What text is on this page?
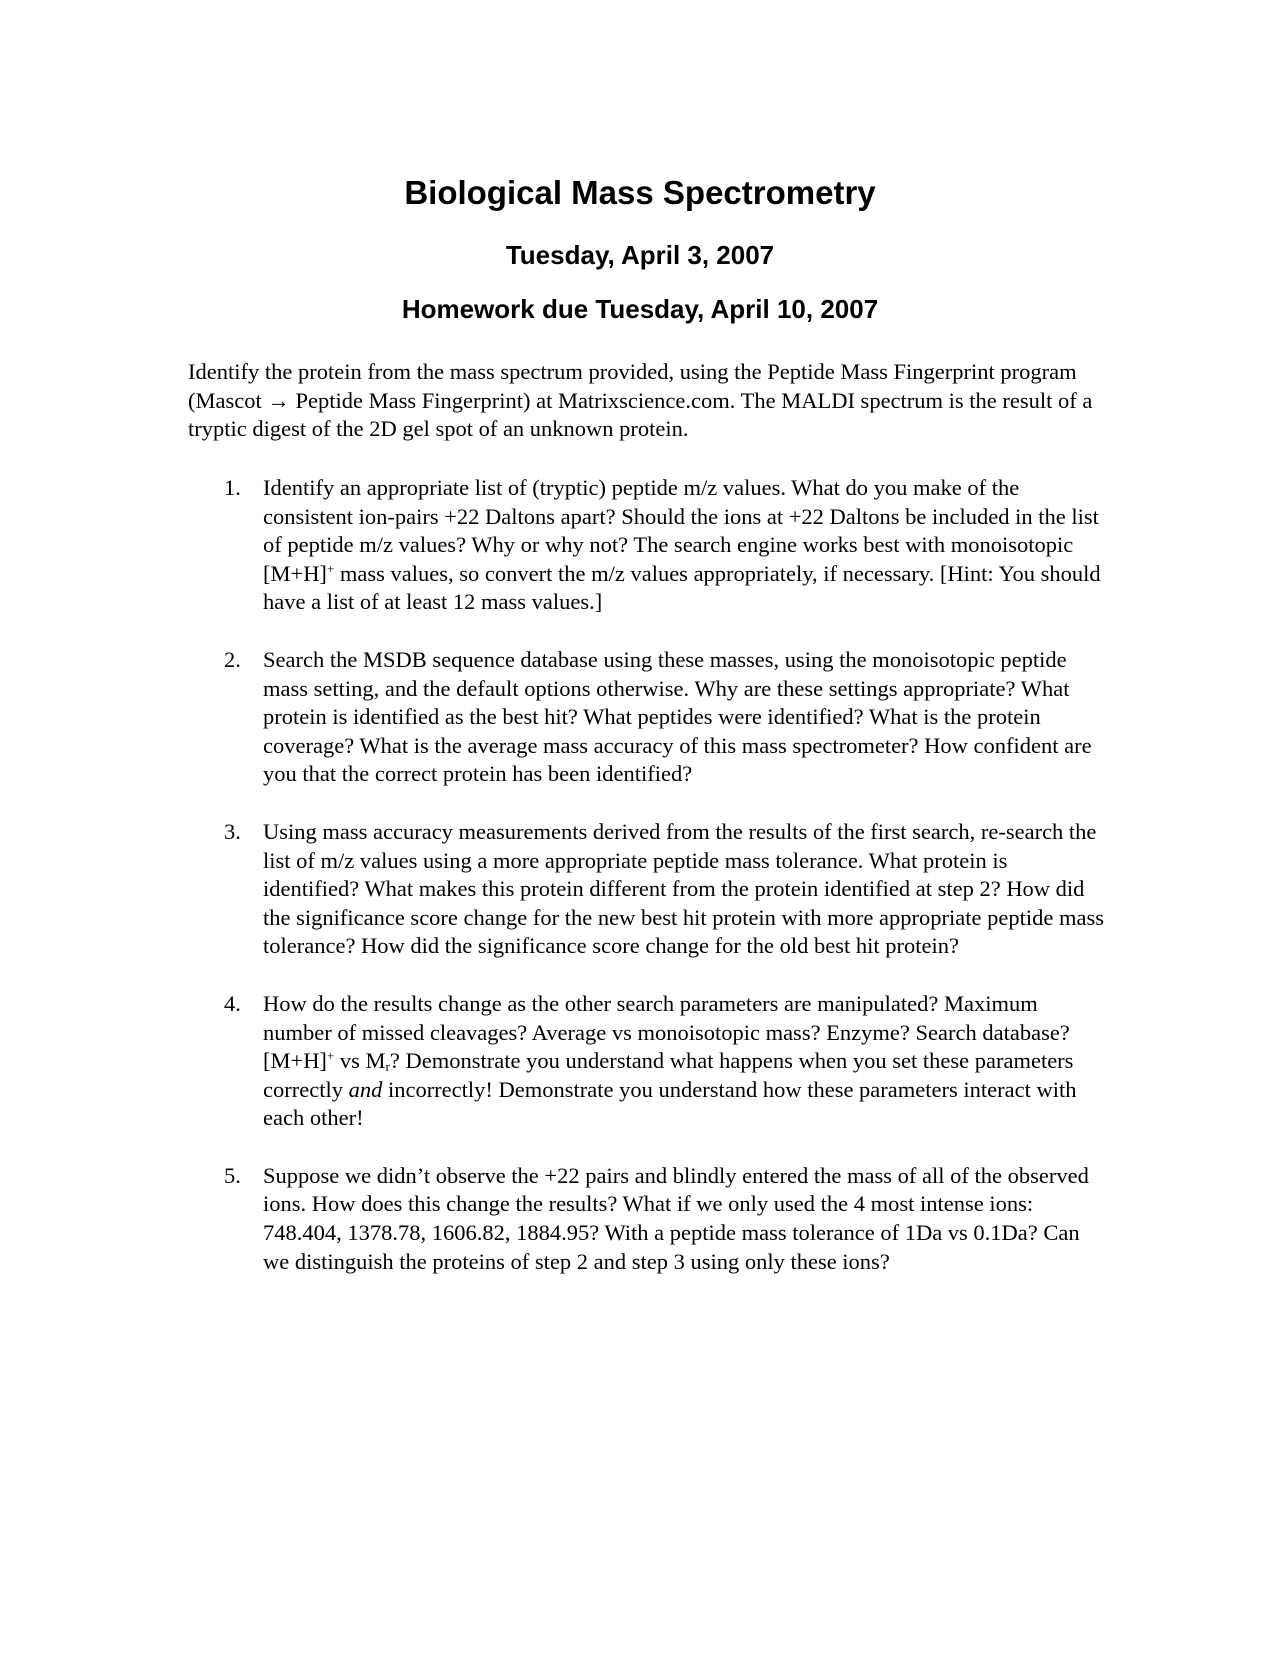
Biological Mass Spectrometry
Tuesday, April 3, 2007
Homework due Tuesday, April 10, 2007

Identify the protein from the mass spectrum provided, using the Peptide Mass Fingerprint program (Mascot → Peptide Mass Fingerprint) at Matrixscience.com. The MALDI spectrum is the result of a tryptic digest of the 2D gel spot of an unknown protein.

1. Identify an appropriate list of (tryptic) peptide m/z values. What do you make of the consistent ion-pairs +22 Daltons apart? Should the ions at +22 Daltons be included in the list of peptide m/z values? Why or why not? The search engine works best with monoisotopic [M+H]+ mass values, so convert the m/z values appropriately, if necessary. [Hint: You should have a list of at least 12 mass values.]
2. Search the MSDB sequence database using these masses, using the monoisotopic peptide mass setting, and the default options otherwise. Why are these settings appropriate? What protein is identified as the best hit? What peptides were identified? What is the protein coverage? What is the average mass accuracy of this mass spectrometer? How confident are you that the correct protein has been identified?
3. Using mass accuracy measurements derived from the results of the first search, re-search the list of m/z values using a more appropriate peptide mass tolerance. What protein is identified? What makes this protein different from the protein identified at step 2? How did the significance score change for the new best hit protein with more appropriate peptide mass tolerance? How did the significance score change for the old best hit protein?
4. How do the results change as the other search parameters are manipulated? Maximum number of missed cleavages? Average vs monoisotopic mass? Enzyme? Search database? [M+H]+ vs $M_r$? Demonstrate you understand what happens when you set these parameters correctly and incorrectly! Demonstrate you understand how these parameters interact with each other!
5. Suppose we didn’t observe the +22 pairs and blindly entered the mass of all of the observed ions. How does this change the results? What if we only used the 4 most intense ions: 748.404, 1378.78, 1606.82, 1884.95? With a peptide mass tolerance of 1Da vs 0.1Da? Can we distinguish the proteins of step 2 and step 3 using only these ions?
